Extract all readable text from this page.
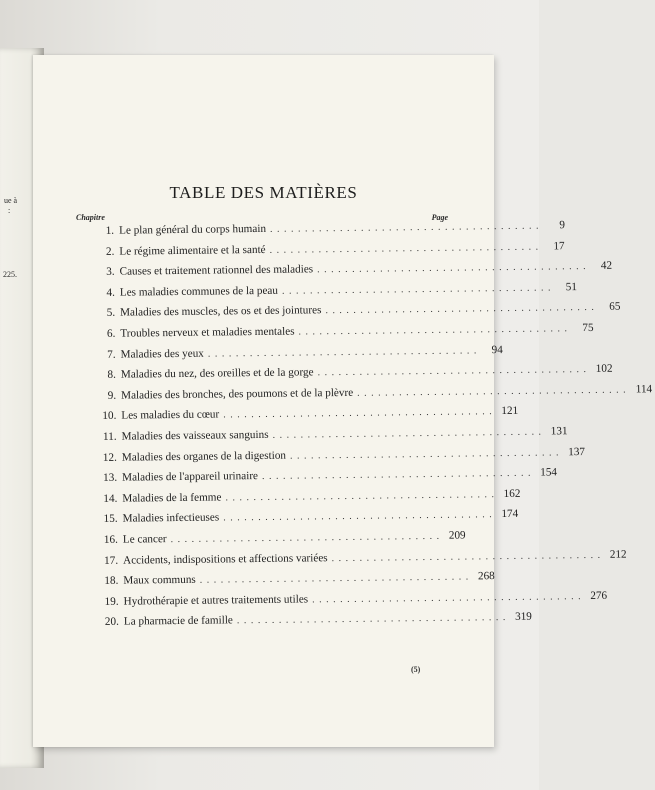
ue à
:
225.
TABLE DES MATIÈRES
Chapitre	Page
1. Le plan général du corps humain .......................................	9
2. Le régime alimentaire et la santé ....................................... 17
3. Causes et traitement rationnel des maladies ....................................... 42
4. Les maladies communes de la peau ....................................... 51
5. Maladies des muscles, des os et des jointures ....................................... 65
6. Troubles nerveux et maladies mentales ....................................... 75
7. Maladies des yeux ....................................... 94
8. Maladies du nez, des oreilles et de la gorge ....................................... 102
9. Maladies des bronches, des poumons et de la plèvre ....................................... 114
10. Les maladies du cœur ....................................... 121
11. Maladies des vaisseaux sanguins ....................................... 131
12. Maladies des organes de la digestion ....................................... 137
13. Maladies de l'appareil urinaire ....................................... 154
14. Maladies de la femme ....................................... 162
15. Maladies infectieuses ....................................... 174
16. Le cancer ....................................... 209
17. Accidents, indispositions et affections variées ....................................... 212
18. Maux communs ....................................... 268
19. Hydrothérapie et autres traitements utiles ....................................... 276
20. La pharmacie de famille ....................................... 319
(5)
